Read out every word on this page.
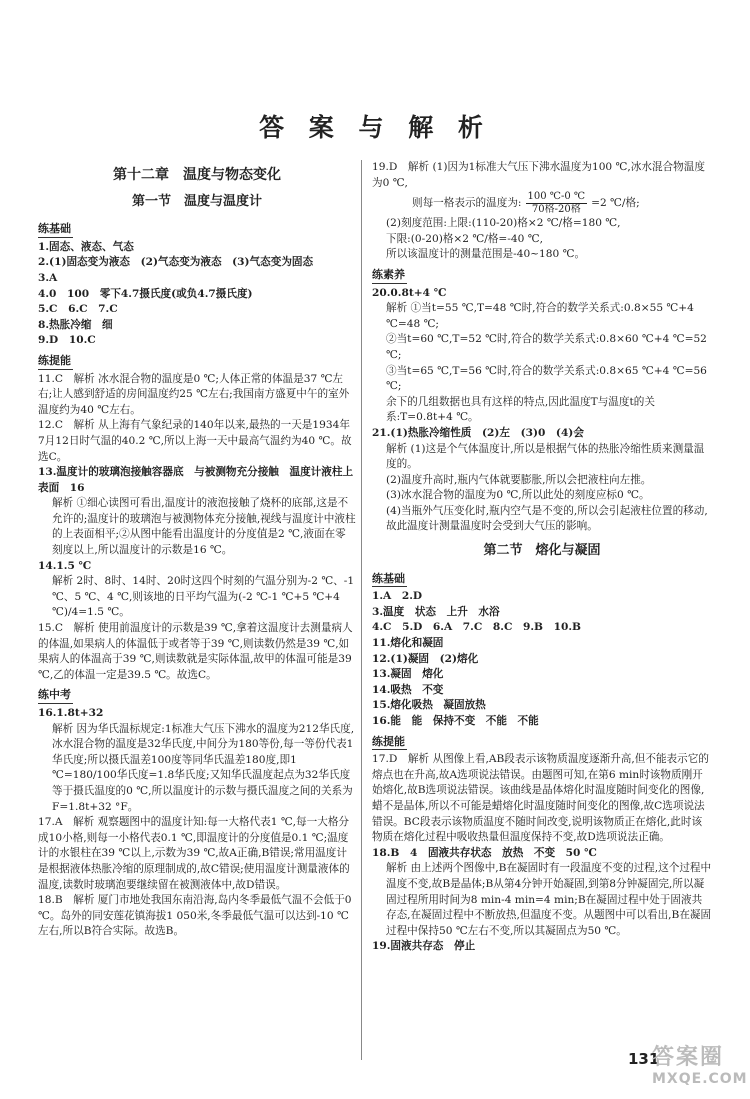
答 案 与 解 析
第十二章　温度与物态变化
第一节　温度与温度计
练基础
1.固态、液态、气态
2.(1)固态变为液态　(2)气态变为液态　(3)气态变为固态
3.A
4.0　100　零下4.7摄氏度(或负4.7摄氏度)
5.C　6.C　7.C
8.热胀冷缩　细
9.D　10.C
练提能
11.C　解析 冰水混合物的温度是0 ℃;人体正常的体温是37 ℃左右;让人感到舒适的房间温度约25 ℃左右;我国南方盛夏中午的室外温度约为40 ℃左右。
12.C　解析 从上海有气象纪录的140年以来,最热的一天是1934年7月12日时气温的40.2 ℃,所以上海一天中最高气温约为40 ℃。故选C。
13.温度计的玻璃泡接触容器底　与被测物充分接触　温度计液柱上表面　16
解析 ①细心读图可看出,温度计的液泡接触了烧杯的底部,这是不允许的;温度计的玻璃泡与被测物体充分接触,视线与温度计中液柱的上表面相平;②从图中能看出温度计的分度值是2 ℃,液面在零刻度以上,所以温度计的示数是16 ℃。
14.1.5 ℃
解析 2时、8时、14时、20时这四个时刻的气温分别为-2 ℃、-1 ℃、5 ℃、4 ℃,则该地的日平均气温为(-2 ℃-1 ℃+5 ℃+4 ℃)/4=1.5 ℃。
15.C　解析 使用前温度计的示数是39 ℃,拿着这温度计去测量病人的体温,如果病人的体温低于或者等于39 ℃,则读数仍然是39 ℃,如果病人的体温高于39 ℃,则读数就是实际体温,故甲的体温可能是39 ℃,乙的体温一定是39.5 ℃。故选C。
练中考
16.1.8t+32
解析 因为华氏温标规定:1标准大气压下沸水的温度为212华氏度,冰水混合物的温度是32华氏度,中间分为180等份,每一等份代表1华氏度;所以摄氏温差100度等同华氏温差180度,即1 ℃=180/100华氏度=1.8华氏度;又知华氏温度起点为32华氏度等于摄氏温度的0 ℃,所以温度计的示数与摄氏温度之间的关系为F=1.8t+32 °F。
17.A　解析 观察题图中的温度计知:每一大格代表1 ℃,每一大格分成10小格,则每一小格代表0.1 ℃,即温度计的分度值是0.1 ℃;温度计的水银柱在39 ℃以上,示数为39 ℃,故A正确,B错误;常用温度计是根据液体热胀冷缩的原理制成的,故C错误;使用温度计测量液体的温度,读数时玻璃泡要继续留在被测液体中,故D错误。
18.B　解析 厦门市地处我国东南沿海,岛内冬季最低气温不会低于0 ℃。岛外的同安莲花镇海拔1 050米,冬季最低气温可以达到-10 ℃左右,所以B符合实际。故选B。
19.D　解析 (1)因为1标准大气压下沸水温度为100 ℃,冰水混合物温度为0 ℃,
则每一格表示的温度为: $\frac{100 ℃-0 ℃}{\text{70格-20格}} =2$ ℃/格;
(2)刻度范围:上限:(110-20)格×2 ℃/格=180 ℃,
下限:(0-20)格×2 ℃/格=-40 ℃,
所以该温度计的测量范围是-40~180 ℃。
练素养
20.0.8t+4 ℃
解析 ①当t=55 ℃,T=48 ℃时,符合的数学关系式:0.8×55 ℃+4 ℃=48 ℃;
②当t=60 ℃,T=52 ℃时,符合的数学关系式:0.8×60 ℃+4 ℃=52 ℃;
③当t=65 ℃,T=56 ℃时,符合的数学关系式:0.8×65 ℃+4 ℃=56 ℃;
余下的几组数据也具有这样的特点,因此温度T与温度t的关系:T=0.8t+4 ℃。
21.(1)热胀冷缩性质　(2)左　(3)0　(4)会
解析 (1)这是个气体温度计,所以是根据气体的热胀冷缩性质来测量温度的。
(2)温度升高时,瓶内气体就要膨胀,所以会把液柱向左推。
(3)冰水混合物的温度为0 ℃,所以此处的刻度应标0 ℃。
(4)当瓶外气压变化时,瓶内空气是不变的,所以会引起液柱位置的移动,故此温度计测量温度时会受到大气压的影响。
第二节　熔化与凝固
练基础
1.A　2.D
3.温度　状态　上升　水浴
4.C　5.D　6.A　7.C　8.C　9.B　10.B
11.熔化和凝固
12.(1)凝固　(2)熔化
13.凝固　熔化
14.吸热　不变
15.熔化吸热　凝固放热
16.能　能　保持不变　不能　不能
练提能
17.D　解析 从图像上看,AB段表示该物质温度逐渐升高,但不能表示它的熔点也在升高,故A选项说法错误。由题图可知,在第6 min时该物质刚开始熔化,故B选项说法错误。该曲线是晶体熔化时温度随时间变化的图像,蜡不是晶体,所以不可能是蜡熔化时温度随时间变化的图像,故C选项说法错误。BC段表示该物质温度不随时间改变,说明该物质正在熔化,此时该物质在熔化过程中吸收热量但温度保持不变,故D选项说法正确。
18.B　4　固液共存状态　放热　不变　50 ℃
解析 由上述两个图像中,B在凝固时有一段温度不变的过程,这个过程中温度不变,故B是晶体;B从第4分钟开始凝固,到第8分钟凝固完,所以凝固过程所用时间为8 min-4 min=4 min;B在凝固过程中处于固液共存态,在凝固过程中不断放热,但温度不变。从题图中可以看出,B在凝固过程中保持50 ℃左右不变,所以其凝固点为50 ℃。
19.固液共存态　停止
131
答案圈
MXQE.COM
